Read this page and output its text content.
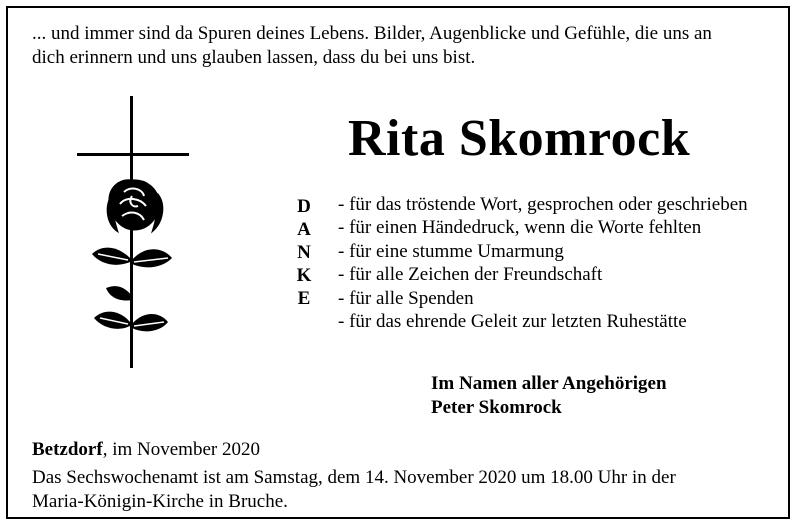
... und immer sind da Spuren deines Lebens. Bilder, Augenblicke und Gefühle, die uns an
dich erinnern und uns glauben lassen, dass du bei uns bist.
Rita Skomrock
D
A
N
K
E
- für das tröstende Wort, gesprochen oder geschrieben
- für einen Händedruck, wenn die Worte fehlten
- für eine stumme Umarmung
- für alle Zeichen der Freundschaft
- für alle Spenden
- für das ehrende Geleit zur letzten Ruhestätte
Im Namen aller Angehörigen
Peter Skomrock
Betzdorf, im November 2020
Das Sechswochenamt ist am Samstag, dem 14. November 2020 um 18.00 Uhr in der
Maria-Königin-Kirche in Bruche.
